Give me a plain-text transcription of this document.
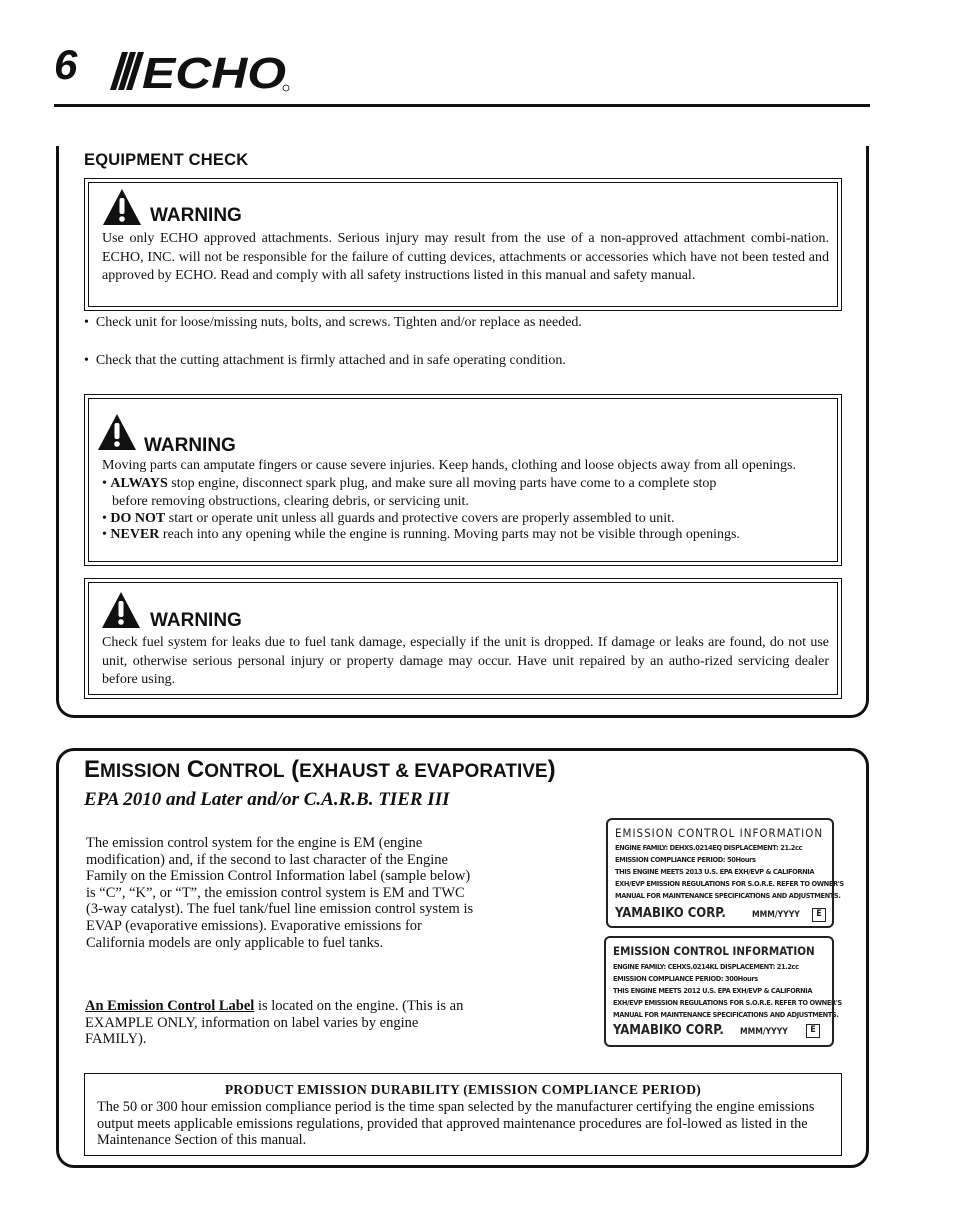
6 ECHO
EQUIPMENT CHECK
WARNING
Use only ECHO approved attachments. Serious injury may result from the use of a non-approved attachment combi-nation. ECHO, INC. will not be responsible for the failure of cutting devices, attachments or accessories which have not been tested and approved by ECHO. Read and comply with all safety instructions listed in this manual and safety manual.
•  Check unit for loose/missing nuts, bolts, and screws. Tighten and/or replace as needed.
•  Check that the cutting attachment is firmly attached and in safe operating condition.
WARNING
Moving parts can amputate fingers or cause severe injuries. Keep hands, clothing and loose objects away from all openings.
• ALWAYS stop engine, disconnect spark plug, and make sure all moving parts have come to a complete stop
before removing obstructions, clearing debris, or servicing unit.
• DO NOT start or operate unit unless all guards and protective covers are properly assembled to unit.
• NEVER reach into any opening while the engine is running. Moving parts may not be visible through openings.
WARNING
Check fuel system for leaks due to fuel tank damage, especially if the unit is dropped. If damage or leaks are found, do not use unit, otherwise serious personal injury or property damage may occur. Have unit repaired by an autho-rized servicing dealer before using.
EMISSION CONTROL (EXHAUST & EVAPORATIVE)
EPA 2010 and Later and/or C.A.R.B. TIER III
The emission control system for the engine is EM (engine modification) and, if the second to last character of the Engine Family on the Emission Control Information label (sample below) is “C”, “K”, or “T”, the emission control system is EM and TWC (3-way catalyst). The fuel tank/fuel line emission control system is EVAP (evaporative emissions). Evaporative emissions for California models are only applicable to fuel tanks.
An Emission Control Label is located on the engine. (This is an EXAMPLE ONLY, information on label varies by engine FAMILY).
EMISSION CONTROL INFORMATION
ENGINE FAMILY: DEHXS.0214EQ DISPLACEMENT: 21.2cc
EMISSION COMPLIANCE PERIOD: 50Hours
THIS ENGINE MEETS 2013 U.S. EPA EXH/EVP & CALIFORNIA
EXH/EVP EMISSION REGULATIONS FOR S.O.R.E. REFER TO OWNER'S
MANUAL FOR MAINTENANCE SPECIFICATIONS AND ADJUSTMENTS.
YAMABIKO CORP.	MMM/YYYY	E
EMISSION CONTROL INFORMATION
ENGINE FAMILY: CEHXS.0214KL DISPLACEMENT: 21.2cc
EMISSION COMPLIANCE PERIOD: 300Hours
THIS ENGINE MEETS 2012 U.S. EPA EXH/EVP & CALIFORNIA
EXH/EVP EMISSION REGULATIONS FOR S.O.R.E. REFER TO OWNER'S
MANUAL FOR MAINTENANCE SPECIFICATIONS AND ADJUSTMENTS.
YAMABIKO CORP. MMM/YYYY	E
PRODUCT EMISSION DURABILITY (EMISSION COMPLIANCE PERIOD)
The 50 or 300 hour emission compliance period is the time span selected by the manufacturer certifying the engine emissions output meets applicable emissions regulations, provided that approved maintenance procedures are fol-lowed as listed in the Maintenance Section of this manual.
